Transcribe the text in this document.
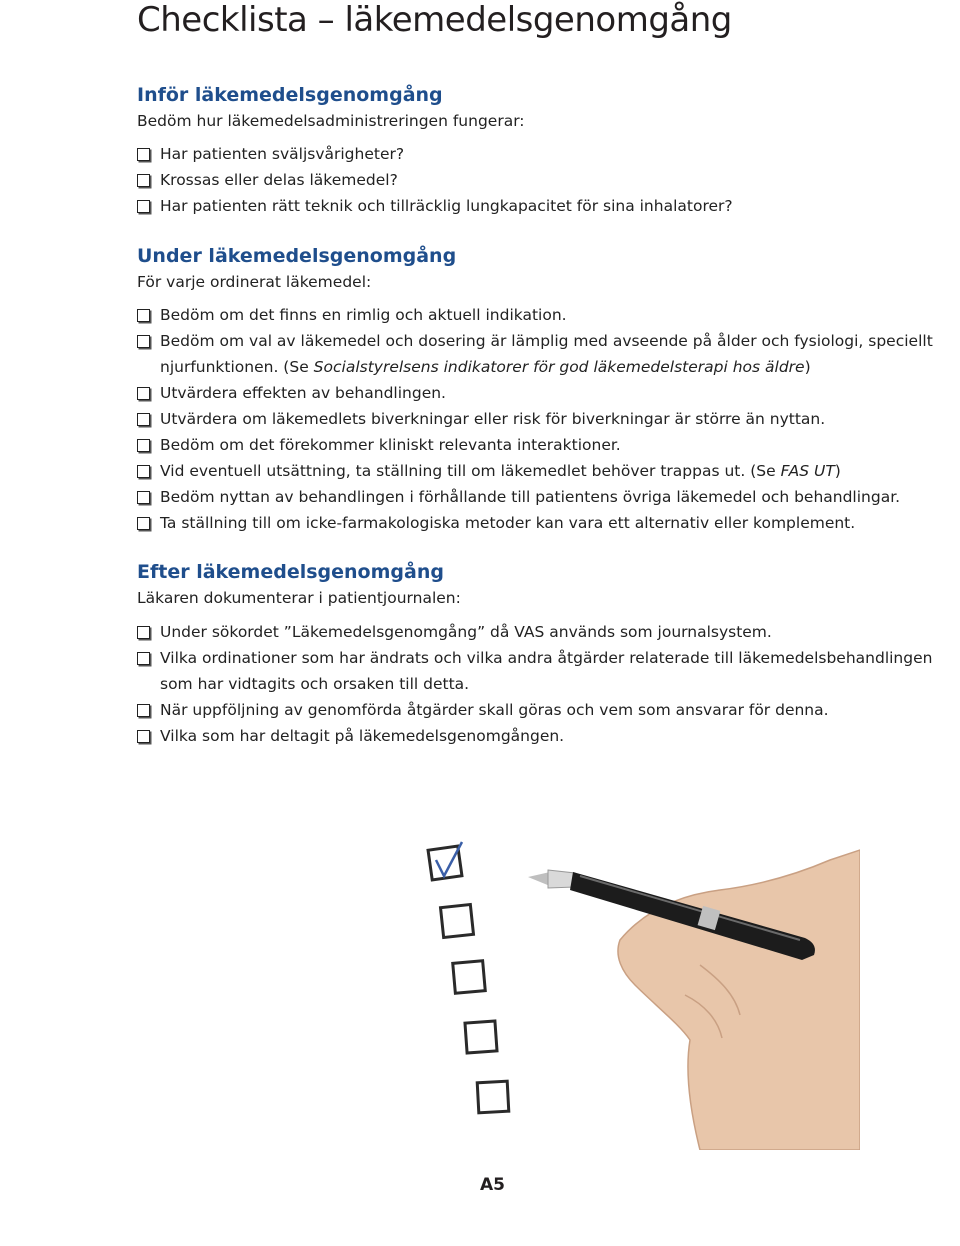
Checklista – läkemedelsgenomgång
Inför läkemedelsgenomgång

Bedöm hur läkemedelsadministreringen fungerar:

Har patienten sväljsvårigheter?
Krossas eller delas läkemedel?
Har patienten rätt teknik och tillräcklig lungkapacitet för sina inhalatorer?
Under läkemedelsgenomgång

För varje ordinerat läkemedel:

Bedöm om det finns en rimlig och aktuell indikation.
Bedöm om val av läkemedel och dosering är lämplig med avseende på ålder och fysiologi, speciellt njurfunktionen. (Se Socialstyrelsens indikatorer för god läkemedelsterapi hos äldre)
Utvärdera effekten av behandlingen.
Utvärdera om läkemedlets biverkningar eller risk för biverkningar är större än nyttan.
Bedöm om det förekommer kliniskt relevanta interaktioner.
Vid eventuell utsättning, ta ställning till om läkemedlet behöver trappas ut. (Se FAS UT)
Bedöm nyttan av behandlingen i förhållande till patientens övriga läkemedel och behandlingar.
Ta ställning till om icke-farmakologiska metoder kan vara ett alternativ eller komplement.
Efter läkemedelsgenomgång

Läkaren dokumenterar i patientjournalen:

Under sökordet ”Läkemedelsgenomgång” då VAS används som journalsystem.
Vilka ordinationer som har ändrats och vilka andra åtgärder relaterade till läkemedelsbehandlingen som har vidtagits och orsaken till detta.
När uppföljning av genomförda åtgärder skall göras och vem som ansvarar för denna.
Vilka som har deltagit på läkemedelsgenomgången.
A5
